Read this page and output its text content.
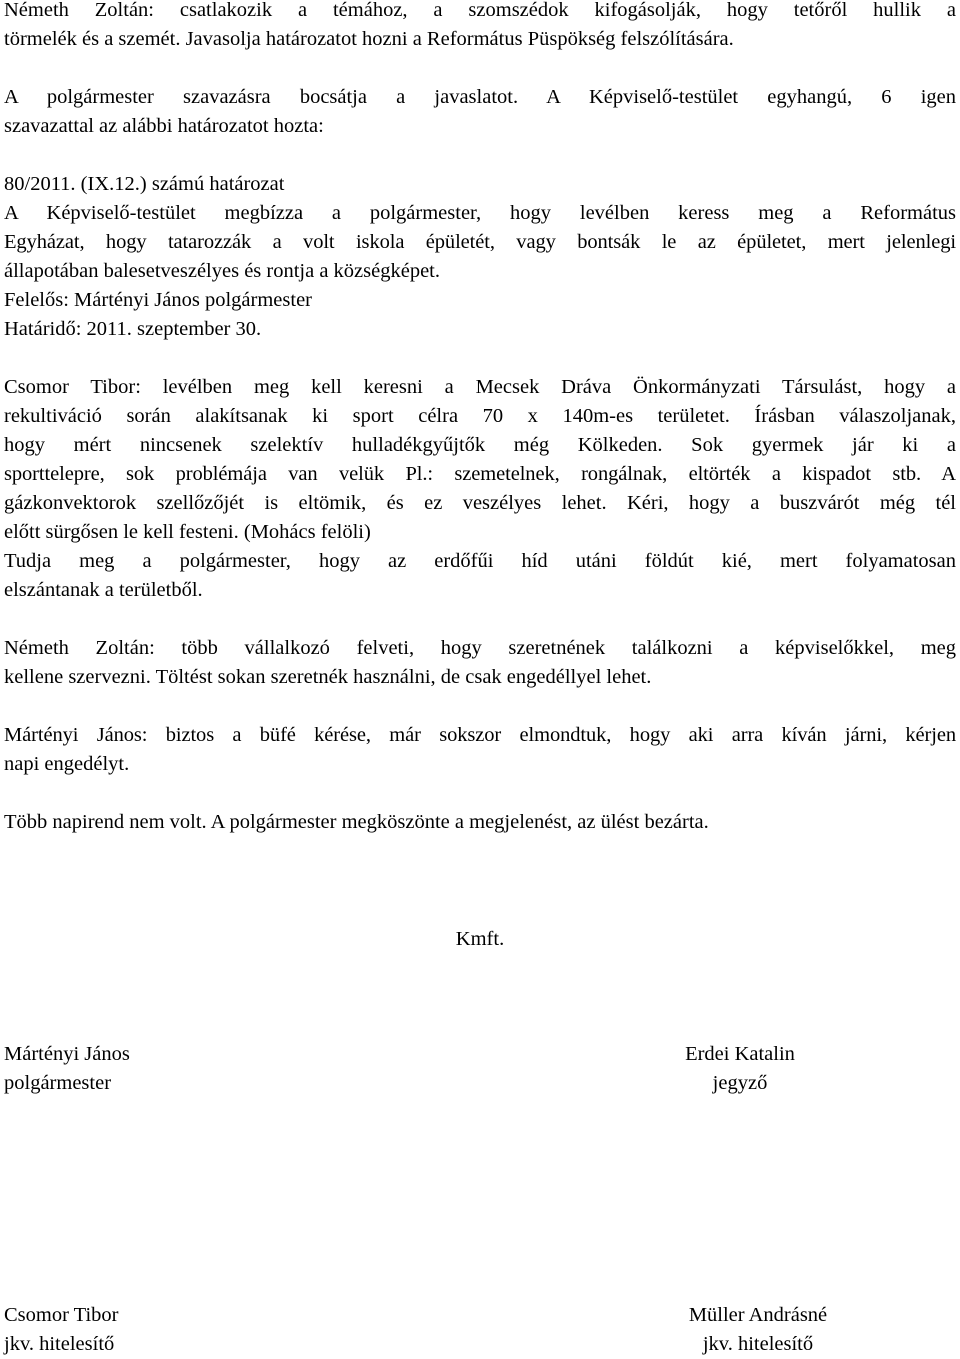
Németh Zoltán: csatlakozik a témához, a szomszédok kifogásolják, hogy tetőről hullik a
törmelék és a szemét. Javasolja határozatot hozni a Református Püspökség felszólítására.
A polgármester szavazásra bocsátja a javaslatot. A Képviselő-testület egyhangú, 6 igen
szavazattal az alábbi határozatot hozta:
80/2011. (IX.12.) számú határozat
A Képviselő-testület megbízza a polgármester, hogy levélben keress meg a Református
Egyházat, hogy tatarozzák a volt iskola épületét, vagy bontsák le az épületet, mert jelenlegi
állapotában balesetveszélyes és rontja a községképet.
Felelős: Mártényi János polgármester
Határidő: 2011. szeptember 30.
Csomor Tibor: levélben meg kell keresni a Mecsek Dráva Önkormányzati Társulást, hogy a
rekultiváció során alakítsanak ki sport célra 70 x 140m-es területet. Írásban válaszoljanak,
hogy mért nincsenek szelektív hulladékgyűjtők még Kölkeden. Sok gyermek jár ki a
sporttelepre, sok problémája van velük Pl.: szemetelnek, rongálnak, eltörték a kispadot stb. A
gázkonvektorok szellőzőjét is eltömik, és ez veszélyes lehet. Kéri, hogy a buszvárót még tél
előtt sürgősen le kell festeni. (Mohács felöli)
Tudja meg a polgármester, hogy az erdőfűi híd utáni földút kié, mert folyamatosan
elszántanak a területből.
Németh Zoltán: több vállalkozó felveti, hogy szeretnének találkozni a képviselőkkel, meg
kellene szervezni. Töltést sokan szeretnék használni, de csak engedéllyel lehet.
Mártényi János: biztos a büfé kérése, már sokszor elmondtuk, hogy aki arra kíván járni, kérjen
napi engedélyt.
Több napirend nem volt. A polgármester megköszönte a megjelenést, az ülést bezárta.
Kmft.
Mártényi János
polgármester
Erdei Katalin
jegyző
Csomor Tibor
jkv. hitelesítő
Müller Andrásné
jkv. hitelesítő
